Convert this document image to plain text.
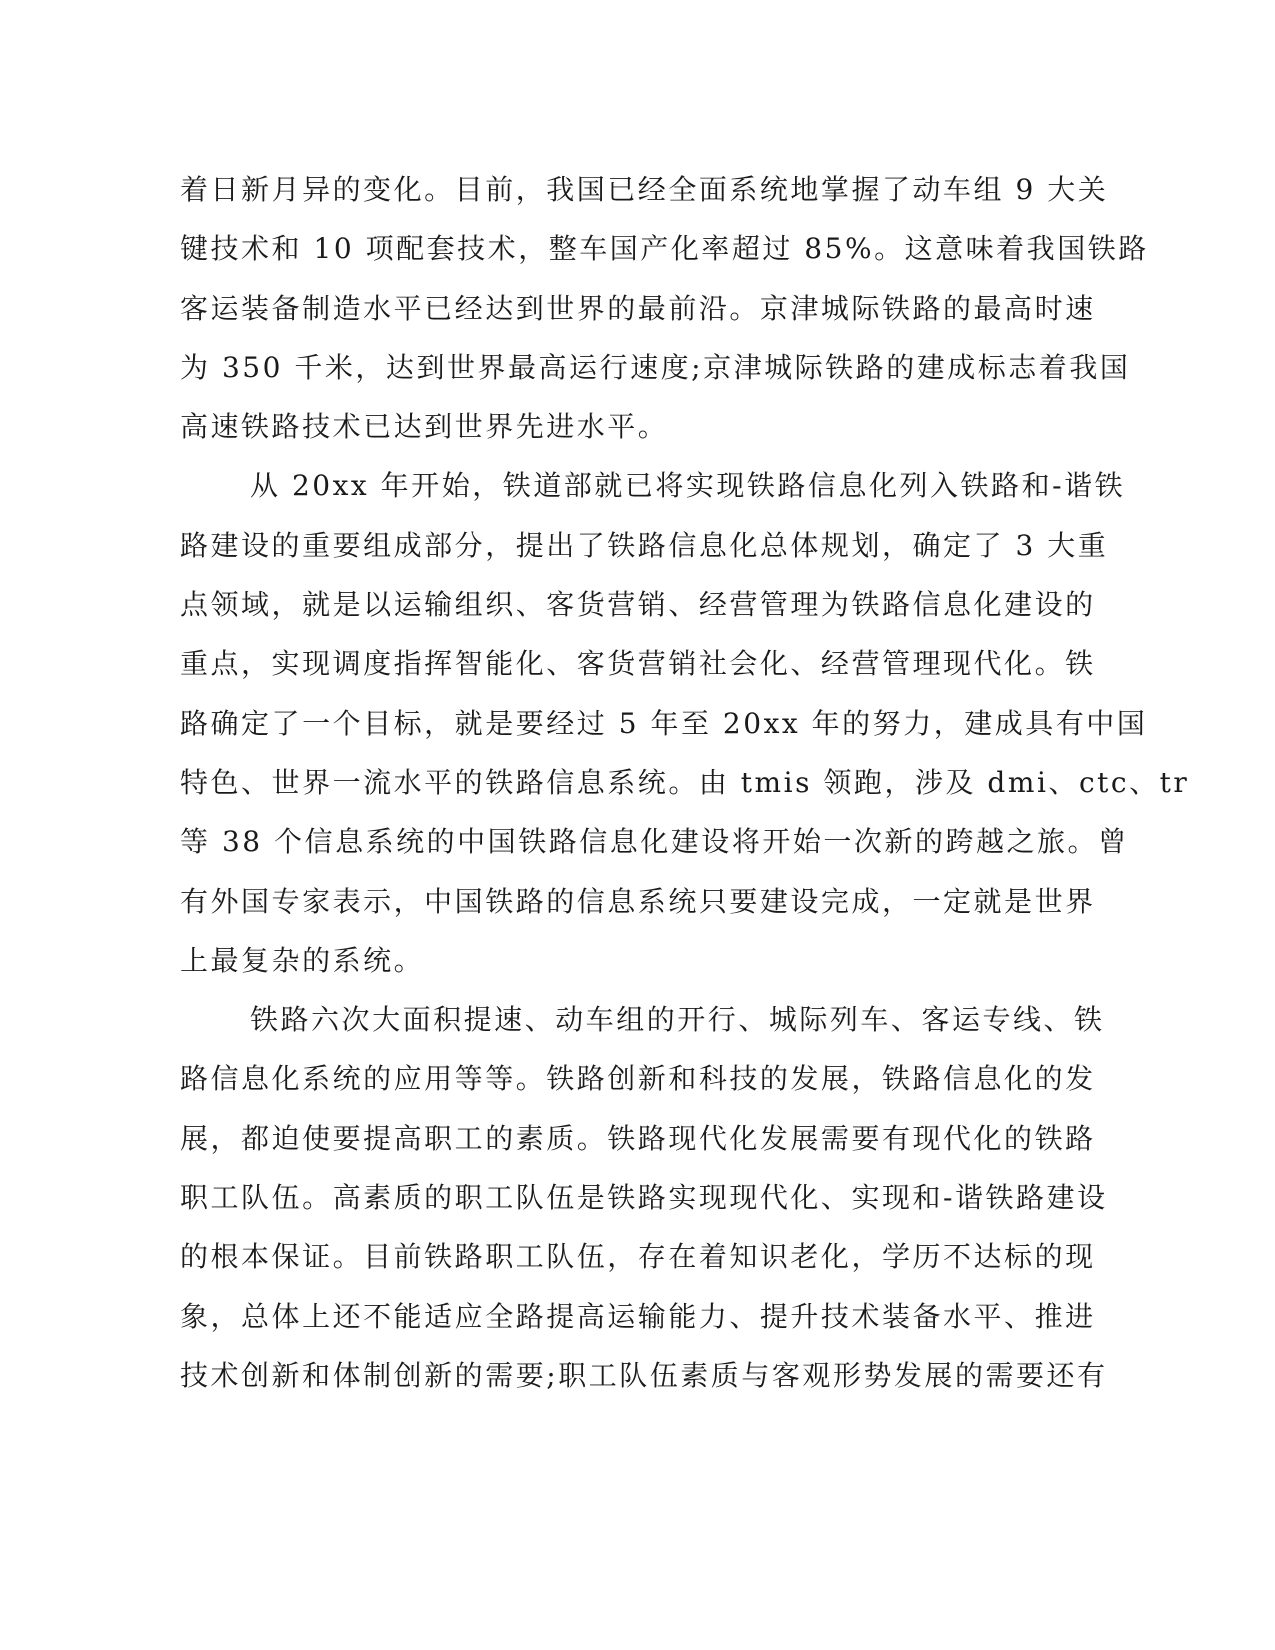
着日新月异的变化。目前，我国已经全面系统地掌握了动车组 9 大关
键技术和 10 项配套技术，整车国产化率超过 85%。这意味着我国铁路
客运装备制造水平已经达到世界的最前沿。京津城际铁路的最高时速
为 350 千米，达到世界最高运行速度;京津城际铁路的建成标志着我国
高速铁路技术已达到世界先进水平。
从 20xx 年开始，铁道部就已将实现铁路信息化列入铁路和-谐铁
路建设的重要组成部分，提出了铁路信息化总体规划，确定了 3 大重
点领域，就是以运输组织、客货营销、经营管理为铁路信息化建设的
重点，实现调度指挥智能化、客货营销社会化、经营管理现代化。铁
路确定了一个目标，就是要经过 5 年至 20xx 年的努力，建成具有中国
特色、世界一流水平的铁路信息系统。由 tmis 领跑，涉及 dmi、ctc、tr
等 38 个信息系统的中国铁路信息化建设将开始一次新的跨越之旅。曾
有外国专家表示，中国铁路的信息系统只要建设完成，一定就是世界
上最复杂的系统。
铁路六次大面积提速、动车组的开行、城际列车、客运专线、铁
路信息化系统的应用等等。铁路创新和科技的发展，铁路信息化的发
展，都迫使要提高职工的素质。铁路现代化发展需要有现代化的铁路
职工队伍。高素质的职工队伍是铁路实现现代化、实现和-谐铁路建设
的根本保证。目前铁路职工队伍，存在着知识老化，学历不达标的现
象，总体上还不能适应全路提高运输能力、提升技术装备水平、推进
技术创新和体制创新的需要;职工队伍素质与客观形势发展的需要还有
